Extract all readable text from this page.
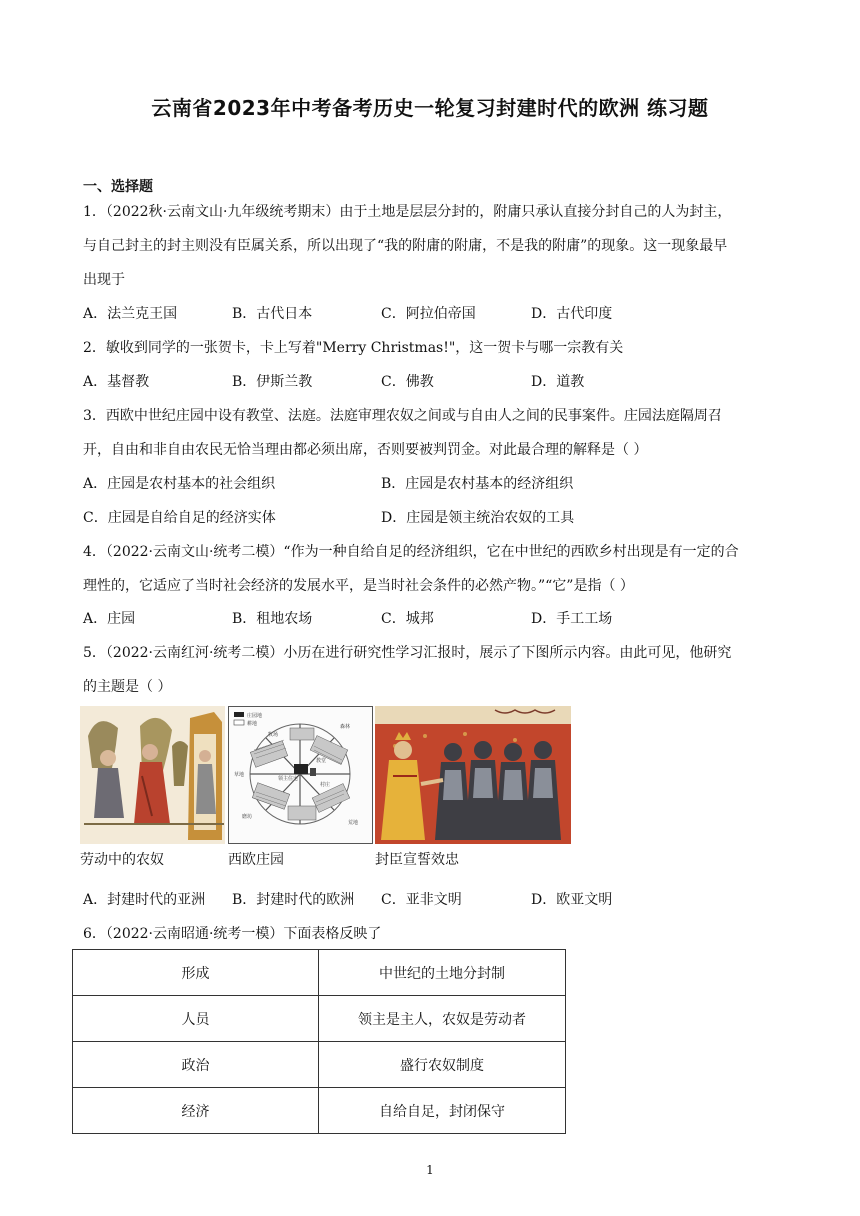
云南省2023年中考备考历史一轮复习封建时代的欧洲 练习题
一、选择题
1．（2022秋·云南文山·九年级统考期末）由于土地是层层分封的，附庸只承认直接分封自己的人为封主，
与自己封主的封主则没有臣属关系，所以出现了“我的附庸的附庸，不是我的附庸”的现象。这一现象最早
出现于
A．法兰克王国	B．古代日本	C．阿拉伯帝国	D．古代印度
2．敏收到同学的一张贺卡，卡上写着"Merry Christmas!"，这一贺卡与哪一宗教有关
A．基督教	B．伊斯兰教	C．佛教	D．道教
3．西欧中世纪庄园中设有教堂、法庭。法庭审理农奴之间或与自由人之间的民事案件。庄园法庭隔周召
开，自由和非自由农民无恰当理由都必须出席，否则要被判罚金。对此最合理的解释是（ ）
A．庄园是农村基本的社会组织	B．庄园是农村基本的经济组织
C．庄园是自给自足的经济实体	D．庄园是领主统治农奴的工具
4．（2022·云南文山·统考二模）“作为一种自给自足的经济组织，它在中世纪的西欧乡村出现是有一定的合
理性的，它适应了当时社会经济的发展水平，是当时社会条件的必然产物。”“它”是指（ ）
A．庄园	B．租地农场	C．城邦	D．手工工场
5．（2022·云南红河·统考二模）小历在进行研究性学习汇报时，展示了下图所示内容。由此可见，他研究
的主题是（ ）
劳动中的农奴
庄园地
耕地
牧场
森林
教堂
领主住宅
村庄
磨坊
荒地
草地
西欧庄园	封臣宣誓效忠
A．封建时代的亚洲 B．封建时代的欧洲 C．亚非文明	D．欧亚文明
6．（2022·云南昭通·统考一模）下面表格反映了
形成	中世纪的土地分封制
人员	领主是主人，农奴是劳动者
政治	盛行农奴制度
经济	自给自足，封闭保守
1
